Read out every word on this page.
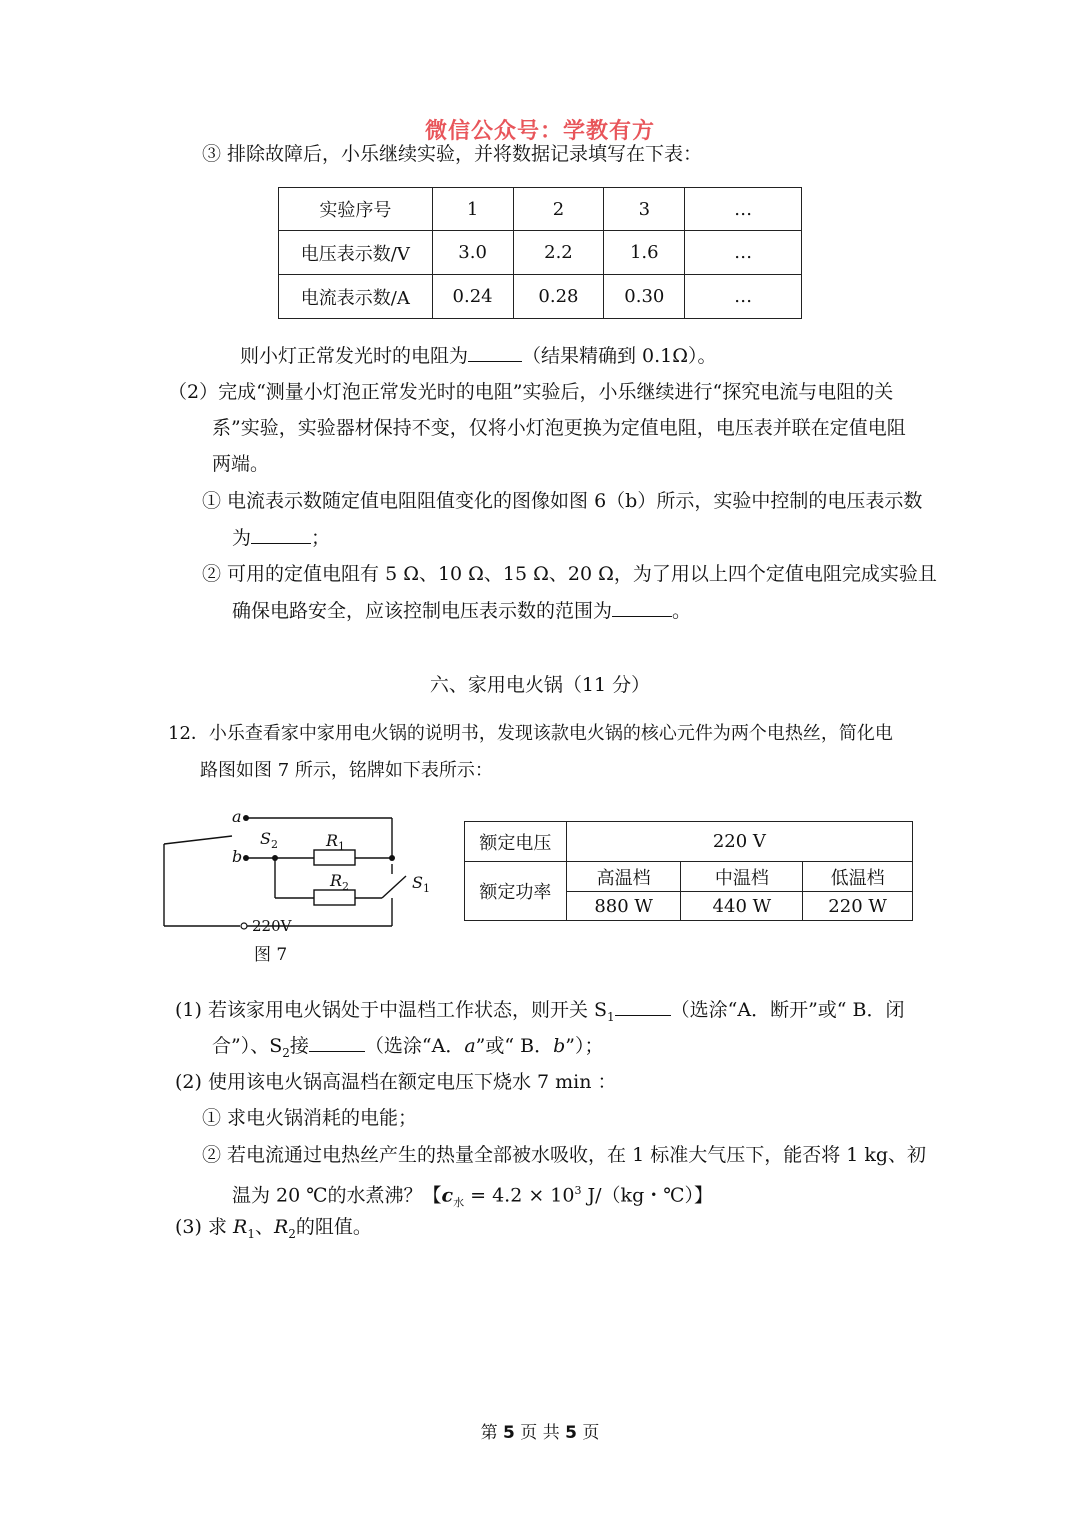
微信公众号：学教有方
③ 排除故障后，小乐继续实验，并将数据记录填写在下表：
实验序号	1	2	3	…
电压表示数/V	3.0	2.2	1.6	…
电流表示数/A	0.24	0.28	0.30	…
则小灯正常发光时的电阻为	（结果精确到 0.1Ω）。
（2）完成“测量小灯泡正常发光时的电阻”实验后，小乐继续进行“探究电流与电阻的关
系”实验，实验器材保持不变，仅将小灯泡更换为定值电阻，电压表并联在定值电阻
两端。
① 电流表示数随定值电阻阻值变化的图像如图 6（b）所示，实验中控制的电压表示数
为	；
② 可用的定值电阻有 5 Ω、10 Ω、15 Ω、20 Ω，为了用以上四个定值电阻完成实验且
确保电路安全，应该控制电压表示数的范围为	。
六、家用电火锅（11 分）
12．小乐查看家中家用电火锅的说明书，发现该款电火锅的核心元件为两个电热丝，简化电
路图如图 7 所示，铭牌如下表所示：
a
b
$S_2$	$R_1$
$R_2$	$S_1$
220V
图 7
额定电压	220 V		
额定功率	高温档	中温档	低温档
	880 W	440 W	220 W
(1) 若该家用电火锅处于中温档工作状态，则开关 $S_1$	（选涂“A．断开”或“ B．闭
合”）、$S_2$接	（选涂“A．a”或“ B．b”）；
(2) 使用该电火锅高温档在额定电压下烧水 7 min ：
① 求电火锅消耗的电能；
② 若电流通过电热丝产生的热量全部被水吸收，在 1 标准大气压下，能否将 1 kg、初
温为 20 ℃的水煮沸？【$c_水 = 4.2 \times 10^3$ J/（kg・℃）】
(3) 求 $R_1$、$R_2$的阻值。
第 5 页 共 5 页
